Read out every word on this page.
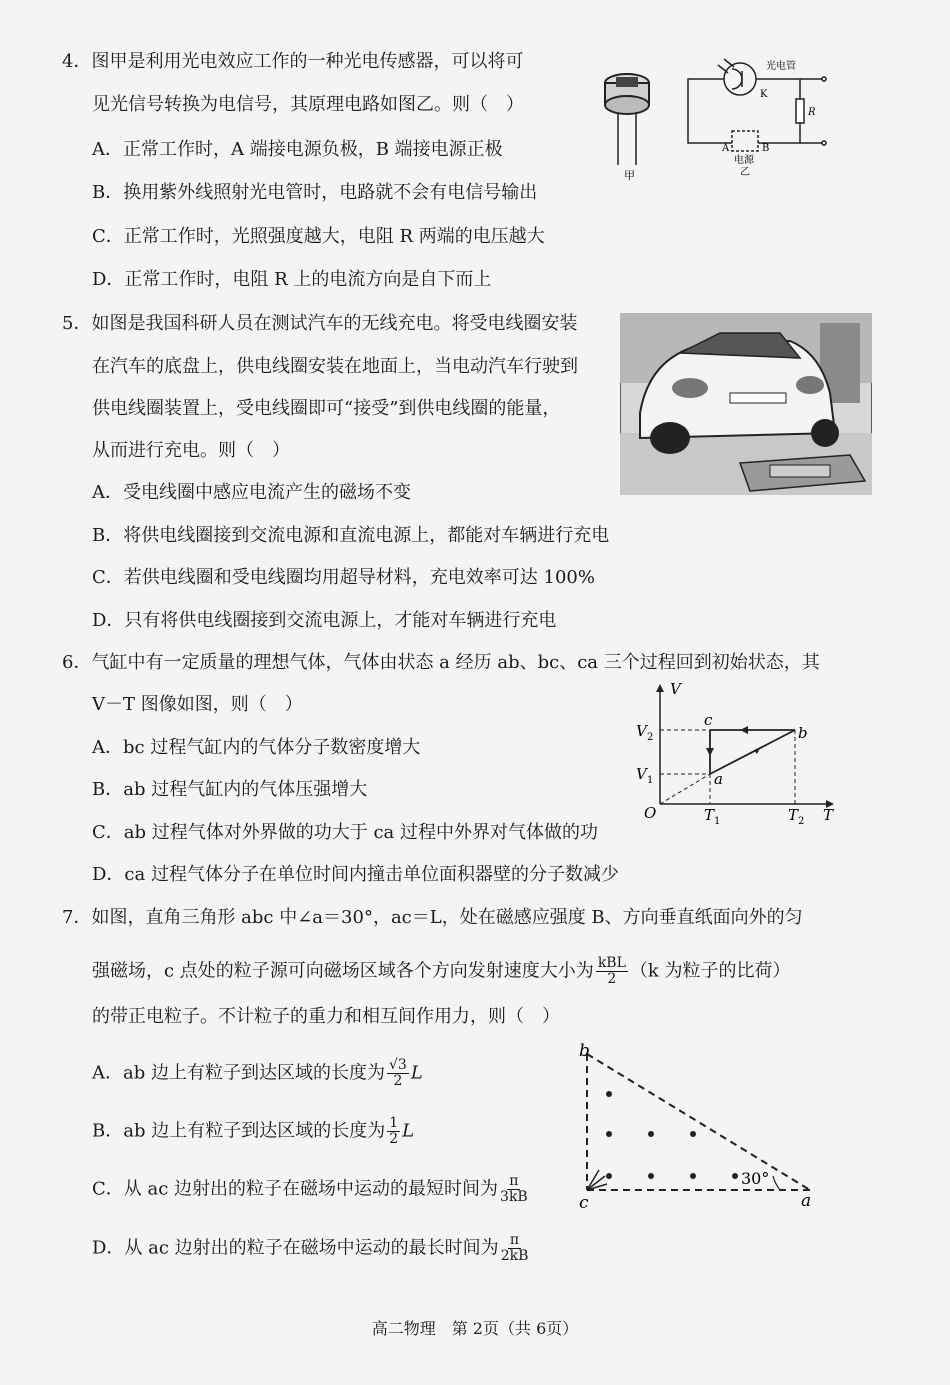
4．图甲是利用光电效应工作的一种光电传感器，可以将可
见光信号转换为电信号，其原理电路如图乙。则（　）
A．正常工作时，A 端接电源负极，B 端接电源正极
B．换用紫外线照射光电管时，电路就不会有电信号输出
C．正常工作时，光照强度越大，电阻 R 两端的电压越大
D．正常工作时，电阻 R 上的电流方向是自下而上
甲
光电管
K
R
A	B
电源
乙
5．如图是我国科研人员在测试汽车的无线充电。将受电线圈安装
在汽车的底盘上，供电线圈安装在地面上，当电动汽车行驶到
供电线圈装置上，受电线圈即可“接受”到供电线圈的能量，
从而进行充电。则（　）
A．受电线圈中感应电流产生的磁场不变
B．将供电线圈接到交流电源和直流电源上，都能对车辆进行充电
C．若供电线圈和受电线圈均用超导材料，充电效率可达 100%
D．只有将供电线圈接到交流电源上，才能对车辆进行充电
6．气缸中有一定质量的理想气体，气体由状态 a 经历 ab、bc、ca 三个过程回到初始状态，其
V－T 图像如图，则（　）
A．bc 过程气缸内的气体分子数密度增大
B．ab 过程气缸内的气体压强增大
C．ab 过程气体对外界做的功大于 ca 过程中外界对气体做的功
D．ca 过程气体分子在单位时间内撞击单位面积器壁的分子数减少
V
T
O
V 2
V 1
T 1	T 2
a
b
c
7．如图，直角三角形 abc 中∠a＝30°，ac＝L，处在磁感应强度 B、方向垂直纸面向外的匀
强磁场，c 点处的粒子源可向磁场区域各个方向发射速度大小为 $\frac{\text{kBL}}{2} (k$ 为粒子的比荷）
的带正电粒子。不计粒子的重力和相互间作用力，则（　）
A．ab 边上有粒子到达区域的长度为 $\frac{√3}{2}$ L
B．ab 边上有粒子到达区域的长度为 $\frac{1}{2}$ L
C．从 ac 边射出的粒子在磁场中运动的最短时间为 $\frac{\pi}{3kB}$
D．从 ac 边射出的粒子在磁场中运动的最长时间为 $\frac{\pi}{2kB}$
b
c	a
30°
高二物理　第 2页（共 6页）
